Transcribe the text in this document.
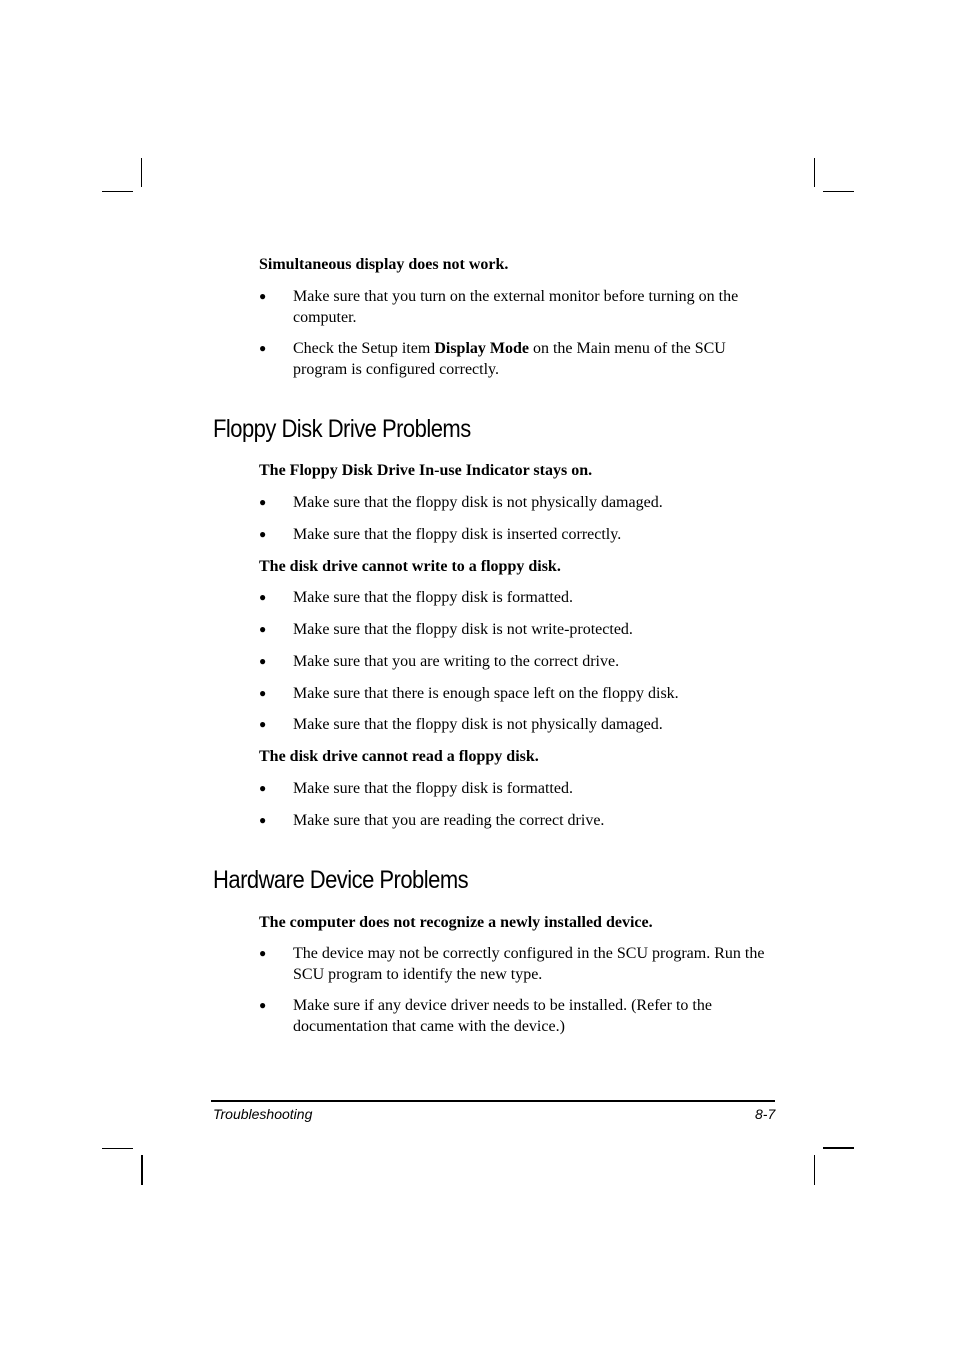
Simultaneous display does not work.

● Make sure that you turn on the external monitor before turning on the computer.
● Check the Setup item Display Mode on the Main menu of the SCU program is configured correctly.
Floppy Disk Drive Problems

The Floppy Disk Drive In-use Indicator stays on.

● Make sure that the floppy disk is not physically damaged.
● Make sure that the floppy disk is inserted correctly.

The disk drive cannot write to a floppy disk.

● Make sure that the floppy disk is formatted.
● Make sure that the floppy disk is not write-protected.
● Make sure that you are writing to the correct drive.
● Make sure that there is enough space left on the floppy disk.
● Make sure that the floppy disk is not physically damaged.

The disk drive cannot read a floppy disk.

● Make sure that the floppy disk is formatted.
● Make sure that you are reading the correct drive.
Hardware Device Problems

The computer does not recognize a newly installed device.

● The device may not be correctly configured in the SCU program. Run the SCU program to identify the new type.
● Make sure if any device driver needs to be installed. (Refer to the documentation that came with the device.)
Troubleshooting	8-7
